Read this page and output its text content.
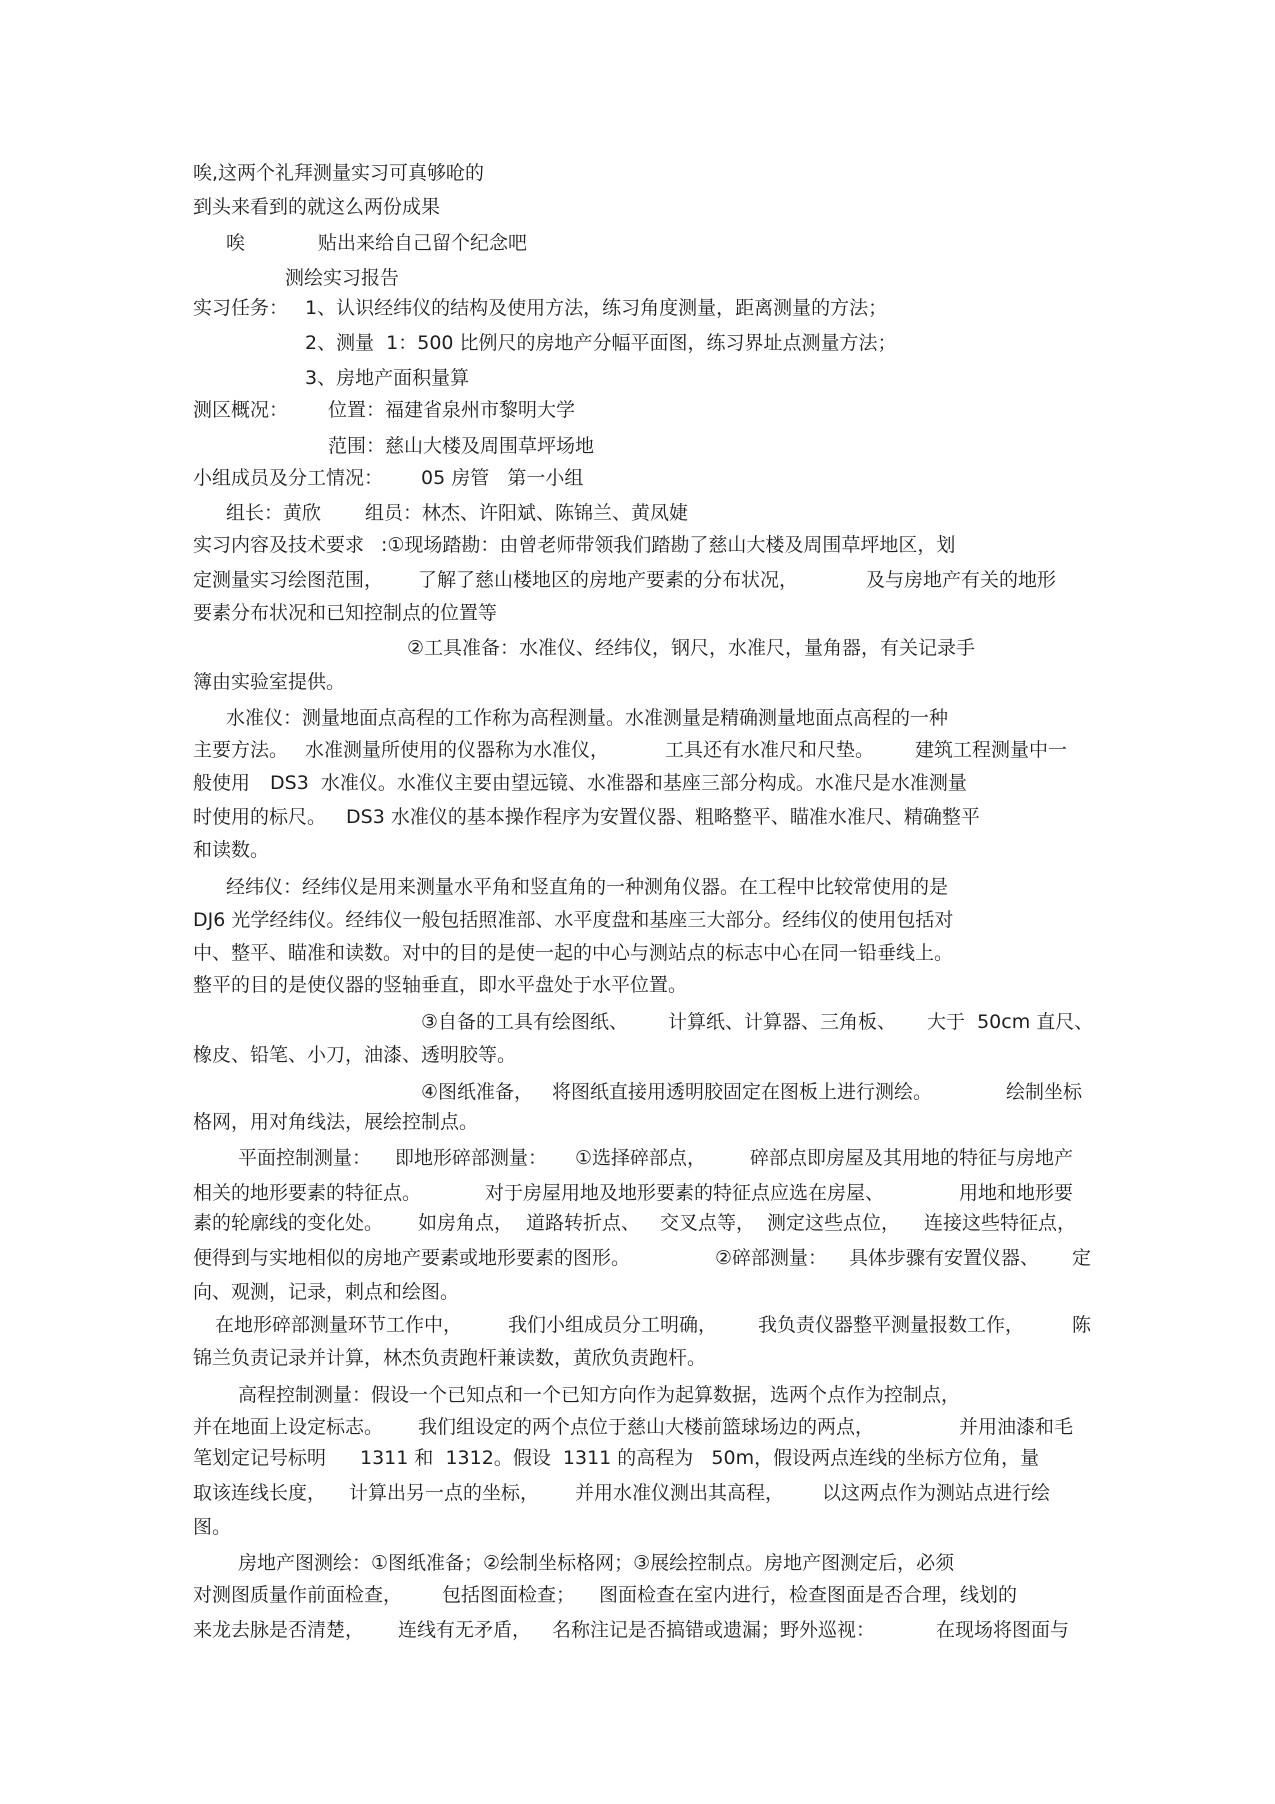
唉,这两个礼拜测量实习可真够呛的
到头来看到的就这么两份成果
唉	贴出来给自己留个纪念吧
测绘实习报告
实习任务： 1、认识经纬仪的结构及使用方法，练习角度测量，距离测量的方法；
2、测量  1：500 比例尺的房地产分幅平面图，练习界址点测量方法；
3、房地产面积量算
测区概况： 位置：福建省泉州市黎明大学
范围：慈山大楼及周围草坪场地
小组成员及分工情况： 05 房管   第一小组
组长：黄欣 组员：林杰、许阳斌、陈锦兰、黄凤婕
实习内容及技术要求 :①现场踏勘：由曾老师带领我们踏勘了慈山大楼及周围草坪地区，划
定测量实习绘图范围， 了解了慈山楼地区的房地产要素的分布状况，	及与房地产有关的地形
要素分布状况和已知控制点的位置等
②工具准备：水准仪、经纬仪，钢尺，水准尺，量角器，有关记录手
簿由实验室提供。
水准仪：测量地面点高程的工作称为高程测量。水准测量是精确测量地面点高程的一种
主要方法。 水准测量所使用的仪器称为水准仪，	工具还有水准尺和尺垫。 建筑工程测量中一
般使用 DS3  水准仪。水准仪主要由望远镜、水准器和基座三部分构成。水准尺是水准测量
时使用的标尺。 DS3 水准仪的基本操作程序为安置仪器、粗略整平、瞄准水准尺、精确整平
和读数。
经纬仪：经纬仪是用来测量水平角和竖直角的一种测角仪器。在工程中比较常使用的是
DJ6 光学经纬仪。经纬仪一般包括照准部、水平度盘和基座三大部分。经纬仪的使用包括对
中、整平、瞄准和读数。对中的目的是使一起的中心与测站点的标志中心在同一铅垂线上。
整平的目的是使仪器的竖轴垂直，即水平盘处于水平位置。
③自备的工具有绘图纸、 计算纸、计算器、三角板、 大于  50cm 直尺、
橡皮、铅笔、小刀，油漆、透明胶等。
④图纸准备， 将图纸直接用透明胶固定在图板上进行测绘。	绘制坐标
格网，用对角线法，展绘控制点。
平面控制测量： 即地形碎部测量： ①选择碎部点， 碎部点即房屋及其用地的特征与房地产
相关的地形要素的特征点。	对于房屋用地及地形要素的特征点应选在房屋、	用地和地形要
素的轮廓线的变化处。 如房角点， 道路转折点、 交叉点等， 测定这些点位， 连接这些特征点，
便得到与实地相似的房地产要素或地形要素的图形。	②碎部测量： 具体步骤有安置仪器、 定
向、观测，记录，刺点和绘图。
在地形碎部测量环节工作中， 我们小组成员分工明确， 我负责仪器整平测量报数工作，	陈
锦兰负责记录并计算，林杰负责跑杆兼读数，黄欣负责跑杆。
高程控制测量：假设一个已知点和一个已知方向作为起算数据，选两个点作为控制点，
并在地面上设定标志。 我们组设定的两个点位于慈山大楼前篮球场边的两点，	并用油漆和毛
笔划定记号标明 1311 和  1312。假设  1311 的高程为   50m，假设两点连线的坐标方位角，量
取该连线长度， 计算出另一点的坐标， 并用水准仪测出其高程， 以这两点作为测站点进行绘
图。
房地产图测绘：①图纸准备；②绘制坐标格网；③展绘控制点。房地产图测定后，必须
对测图质量作前面检查， 包括图面检查； 图面检查在室内进行，检查图面是否合理，线划的
来龙去脉是否清楚， 连线有无矛盾， 名称注记是否搞错或遗漏；野外巡视：	在现场将图面与
